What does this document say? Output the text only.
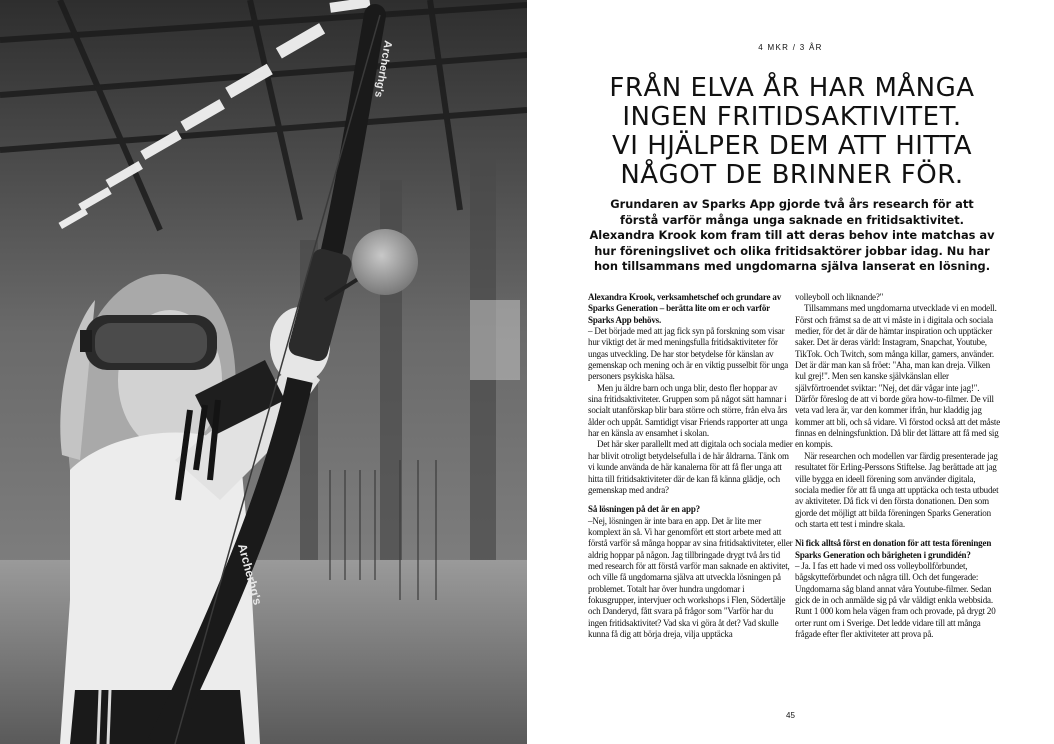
Archerhg's
Archerhg's
4 MKR / 3 ÅR
FRÅN ELVA ÅR HAR MÅNGA
INGEN FRITIDSAKTIVITET.
VI HJÄLPER DEM ATT HITTA
NÅGOT DE BRINNER FÖR.
Grundaren av Sparks App gjorde två års research för att
förstå varför många unga saknade en fritidsaktivitet.
Alexandra Krook kom fram till att deras behov inte matchas av
hur föreningslivet och olika fritidsaktörer jobbar idag. Nu har
hon tillsammans med ungdomarna själva lanserat en lösning.

Alexandra Krook, verksamhetschef och grundare av Sparks Generation – berätta lite om er och varför Sparks App behövs.

– Det började med att jag fick syn på forskning som visar hur viktigt det är med meningsfulla fritidsaktiviteter för ungas utveckling. De har stor betydelse för känslan av gemenskap och mening och är en viktig pusselbit för unga personers psykiska hälsa.

Men ju äldre barn och unga blir, desto fler hoppar av sina fritidsaktiviteter. Gruppen som på något sätt hamnar i socialt utanförskap blir bara större och större, från elva års ålder och uppåt. Samtidigt visar Friends rapporter att unga har en känsla av ensamhet i skolan.

Det här sker parallellt med att digitala och sociala medier har blivit otroligt betydelsefulla i de här åldrarna. Tänk om vi kunde använda de här kanalerna för att få fler unga att hitta till fritidsaktiviteter där de kan få känna glädje, och gemenskap med andra?

Så lösningen på det är en app?

–Nej, lösningen är inte bara en app. Det är lite mer komplext än så. Vi har genomfört ett stort arbete med att förstå varför så många hoppar av sina fritidsaktiviteter, eller aldrig hoppar på någon. Jag tillbringade drygt två års tid med research för att förstå varför man saknade en aktivitet, och ville få ungdomarna själva att utveckla lösningen på problemet. Totalt har över hundra ungdomar i fokusgrupper, intervjuer och workshops i Flen, Södertälje och Danderyd, fått svara på frågor som "Varför har du ingen fritidsaktivitet? Vad ska vi göra åt det? Vad skulle kunna få dig att börja dreja, vilja upptäcka

volleyboll och liknande?"

Tillsammans med ungdomarna utvecklade vi en modell. Först och främst sa de att vi måste in i digitala och sociala medier, för det är där de hämtar inspiration och upptäcker saker. Det är deras värld: Instagram, Snapchat, Youtube, TikTok. Och Twitch, som många killar, gamers, använder. Det är där man kan så fröet: "Aha, man kan dreja. Vilken kul grej!". Men sen kanske självkänslan eller självförtroendet sviktar: "Nej, det där vågar inte jag!". Därför föreslog de att vi borde göra how-to-filmer. De vill veta vad lera är, var den kommer ifrån, hur kladdig jag kommer att bli, och så vidare. Vi förstod också att det måste finnas en delningsfunktion. Då blir det lättare att få med sig en kompis.

När researchen och modellen var färdig presenterade jag resultatet för Erling-Perssons Stiftelse. Jag berättade att jag ville bygga en ideell förening som använder digitala, sociala medier för att få unga att upptäcka och testa utbudet av aktiviteter. Då fick vi den första donationen. Den som gjorde det möjligt att bilda föreningen Sparks Generation och starta ett test i mindre skala.

Ni fick alltså först en donation för att testa föreningen Sparks Generation och bärigheten i grundidén?

– Ja. I fas ett hade vi med oss volleybollförbundet, bågskytteförbundet och några till. Och det fungerade: Ungdomarna såg bland annat våra Youtube-filmer. Sedan gick de in och anmälde sig på vår väldigt enkla webbsida. Runt 1 000 kom hela vägen fram och provade, på drygt 20 orter runt om i Sverige. Det ledde vidare till att många frågade efter fler aktiviteter att prova på.

45
